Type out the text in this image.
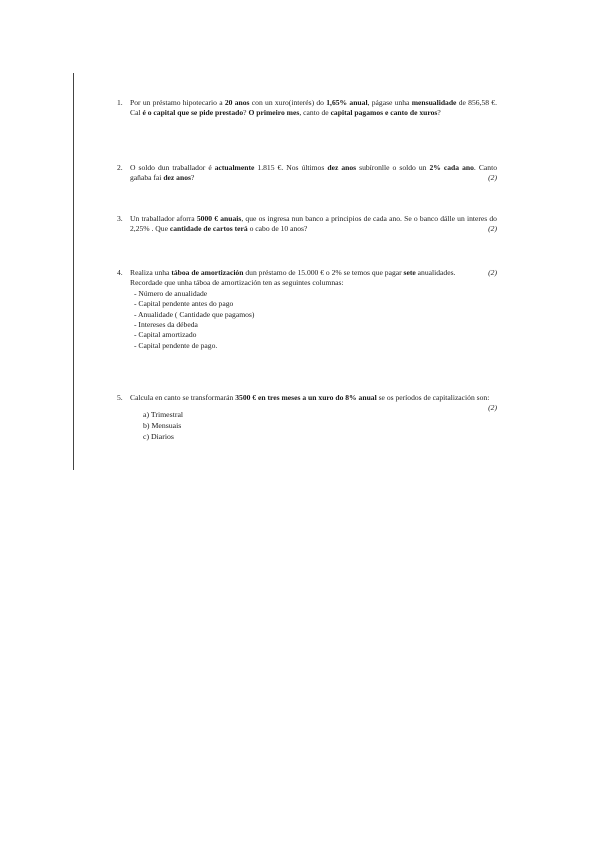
1. Por un préstamo hipotecario a 20 anos con un xuro(interés) do 1,65% anual, págase unha mensualidade de 856,58 €. Cal é o capital que se pide prestado? O primeiro mes, canto de capital pagamos e canto de xuros?
2. O soldo dun traballador é actualmente 1.815 €. Nos últimos dez anos subíronlle o soldo un 2% cada ano. Canto gañaba fai dez anos?	(2)
3. Un traballador aforra 5000 € anuais, que os ingresa nun banco a principios de cada ano. Se o banco dálle un interes do 2,25% . Que cantidade de cartos terá o cabo de 10 anos?	(2)
4. Realiza unha táboa de amortización dun préstamo de 15.000 € o 2% se temos que pagar sete anualidades.	(2)
Recordade que unha táboa de amortización ten as seguintes columnas:
- Número de anualidade
- Capital pendente antes do pago
- Anualidade ( Cantidade que pagamos)
- Intereses da débeda
- Capital amortizado
- Capital pendente de pago.
5. Calcula en canto se transformarán 3500 € en tres meses a un xuro do 8% anual se os períodos de capitalización son:
(2)
a) Trimestral
b) Mensuais
c) Diarios
